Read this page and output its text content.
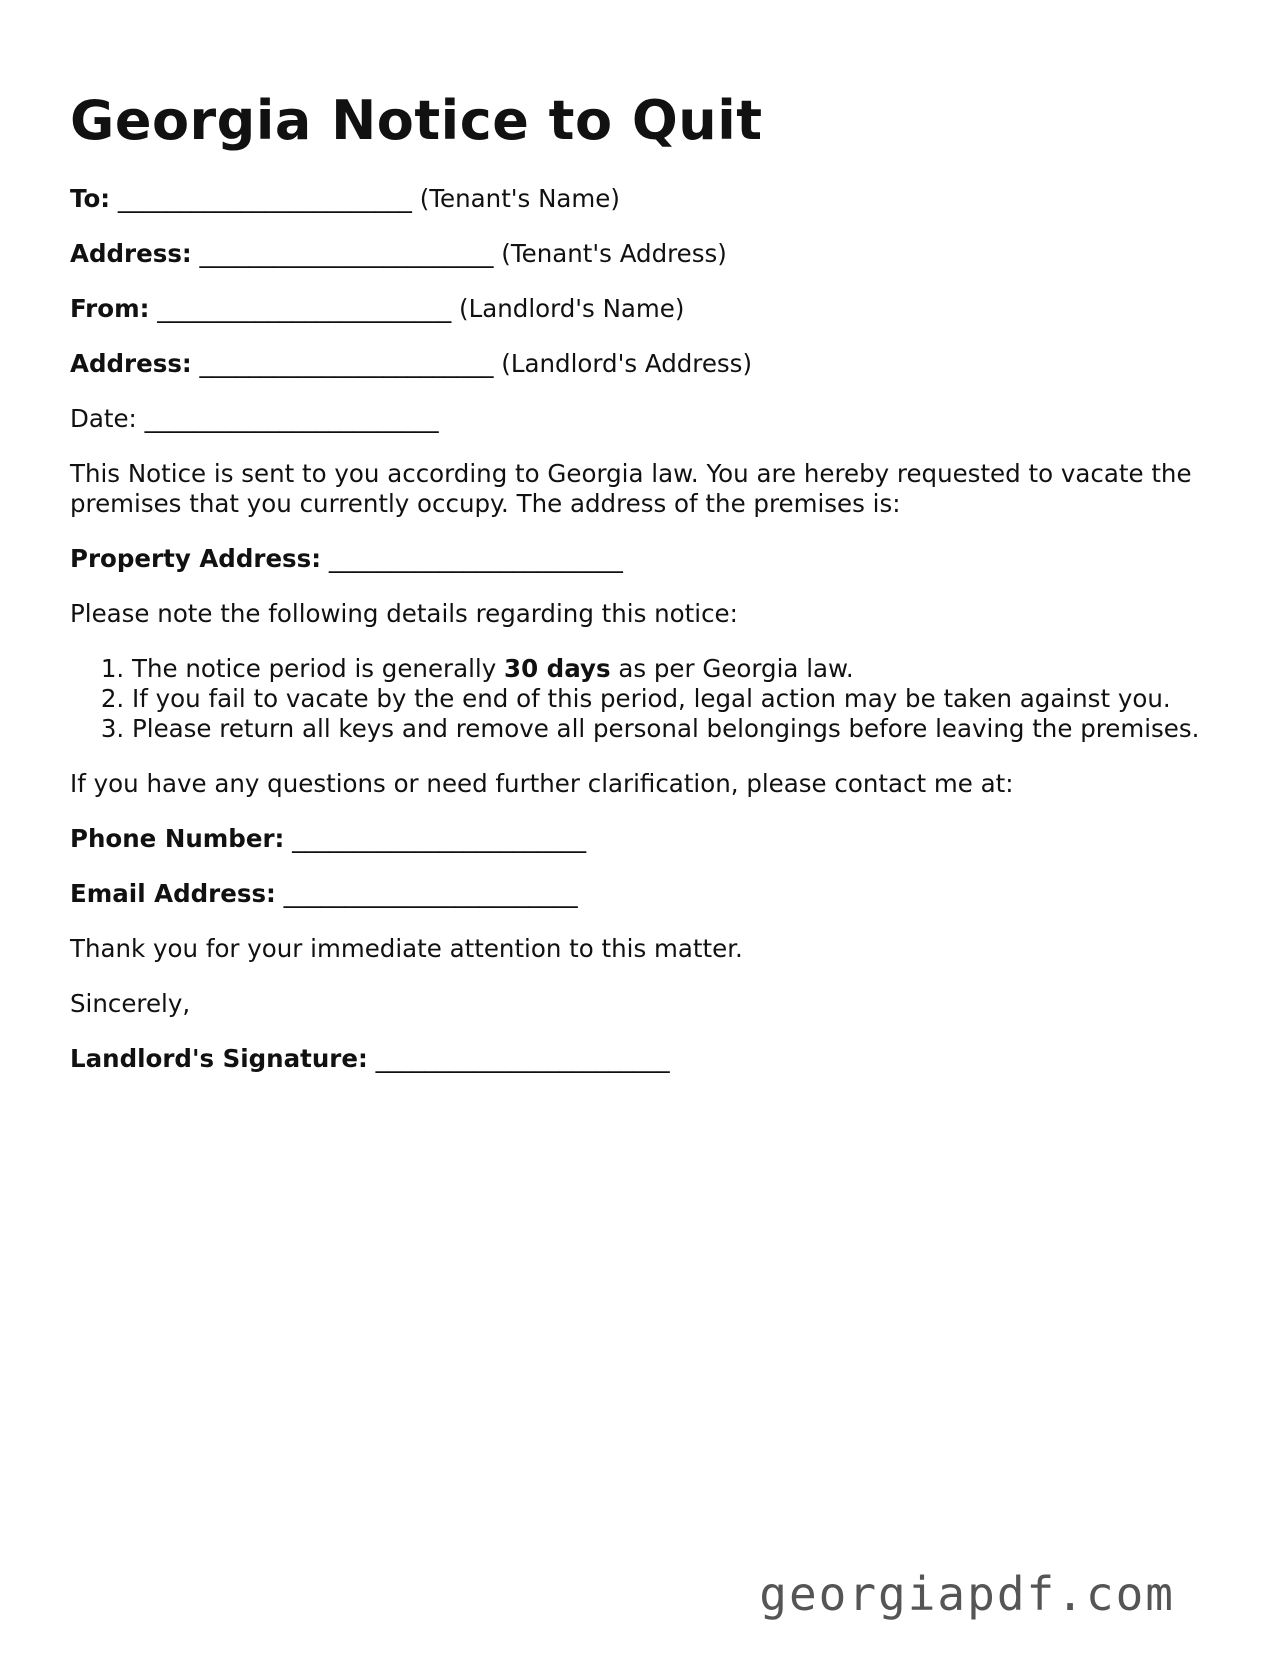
Georgia Notice to Quit
To: ________________________ (Tenant's Name)
Address: ________________________ (Tenant's Address)
From: ________________________ (Landlord's Name)
Address: ________________________ (Landlord's Address)
Date: ________________________

This Notice is sent to you according to Georgia law. You are hereby requested to vacate the premises that you currently occupy. The address of the premises is:

Property Address: ________________________

Please note the following details regarding this notice:

1. The notice period is generally 30 days as per Georgia law.
2. If you fail to vacate by the end of this period, legal action may be taken against you.
3. Please return all keys and remove all personal belongings before leaving the premises.

If you have any questions or need further clarification, please contact me at:

Phone Number: ________________________
Email Address: ________________________

Thank you for your immediate attention to this matter.

Sincerely,

Landlord's Signature: ________________________
georgiapdf.com
